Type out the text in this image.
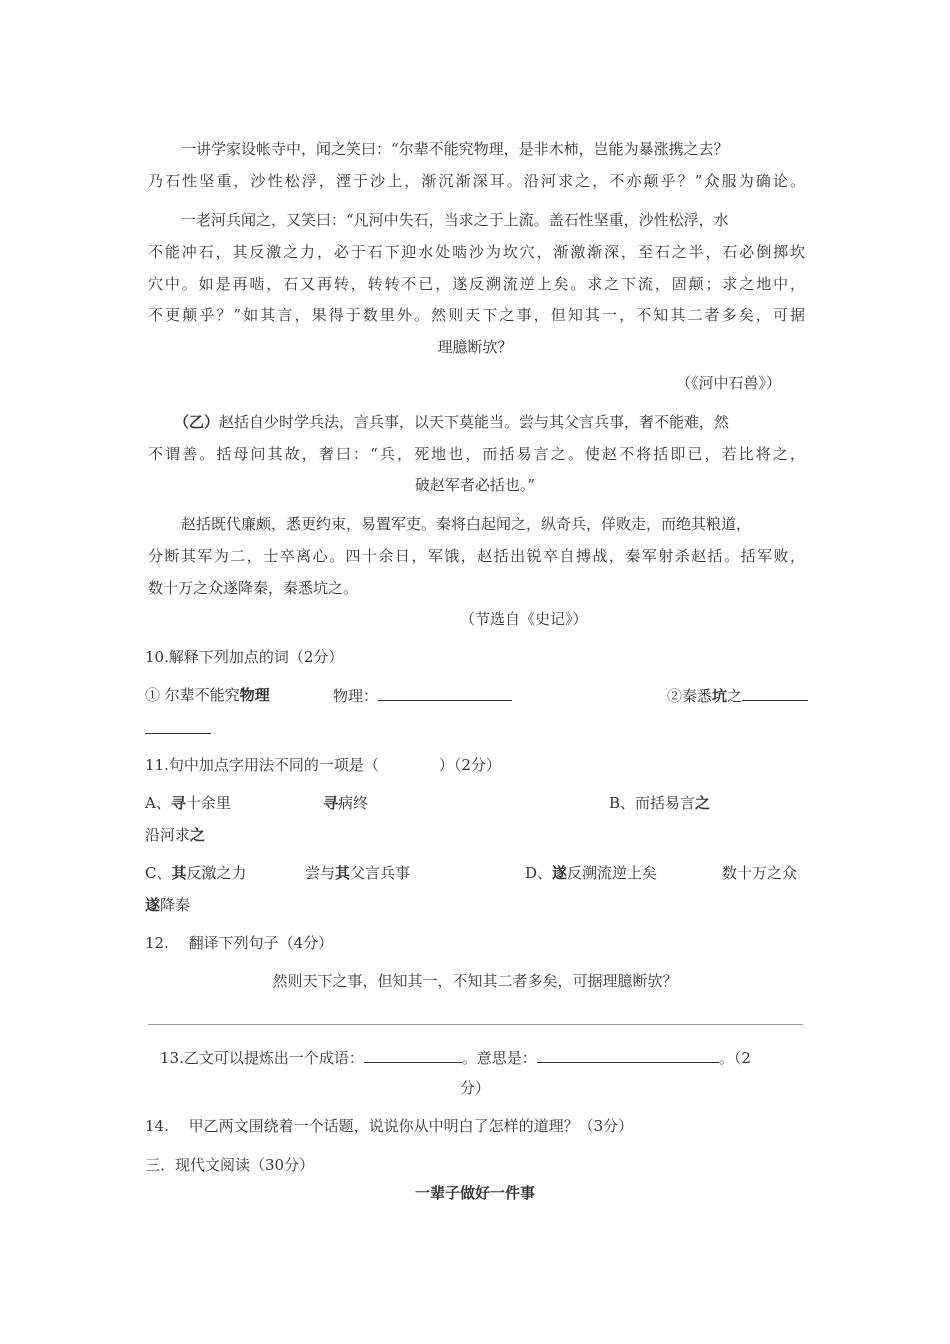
一讲学家设帐寺中，闻之笑曰：“尔辈不能究物理，是非木柿，岂能为暴涨携之去？
乃石性坚重，沙性松浮，湮于沙上，渐沉渐深耳。沿河求之，不亦颠乎？”众服为确论。
一老河兵闻之，又笑曰：“凡河中失石，当求之于上流。盖石性坚重，沙性松浮，水
不能冲石，其反激之力，必于石下迎水处啮沙为坎穴，渐激渐深，至石之半，石必倒掷坎
穴中。如是再啮，石又再转，转转不已，遂反溯流逆上矣。求之下流，固颠；求之地中，
不更颠乎？”如其言，果得于数里外。然则天下之事，但知其一，不知其二者多矣，可据
理臆断欤？
（《河中石兽》）
（乙）赵括自少时学兵法，言兵事，以天下莫能当。尝与其父言兵事，奢不能难，然
不谓善。括母问其故，奢曰：“兵，死地也，而括易言之。使赵不将括即已，若比将之，
破赵军者必括也。”
赵括既代廉颇，悉更约束，易置军吏。秦将白起闻之，纵奇兵，佯败走，而绝其粮道，
分断其军为二，士卒离心。四十余日，军饿，赵括出锐卒自搏战，秦军射杀赵括。括军败，
数十万之众遂降秦，秦悉坑之。
（节选自《史记》）
10.解释下列加点的词（2分）
① 尔辈不能究物理	物理：	②秦悉坑之
11.句中加点字用法不同的一项是（　　　　）（2分）
A、寻十余里	寻病终	B、而括易言之
沿河求之
C、其反激之力	尝与其父言兵事	D、遂反溯流逆上矣	数十万之众
遂降秦
12.　 翻译下列句子（4分）
然则天下之事，但知其一，不知其二者多矣，可据理臆断欤？
13.乙文可以提炼出一个成语：	。意思是：	。（2
分）
14.　 甲乙两文围绕着一个话题，说说你从中明白了怎样的道理？（3分）
三．现代文阅读（30分）
一辈子做好一件事
